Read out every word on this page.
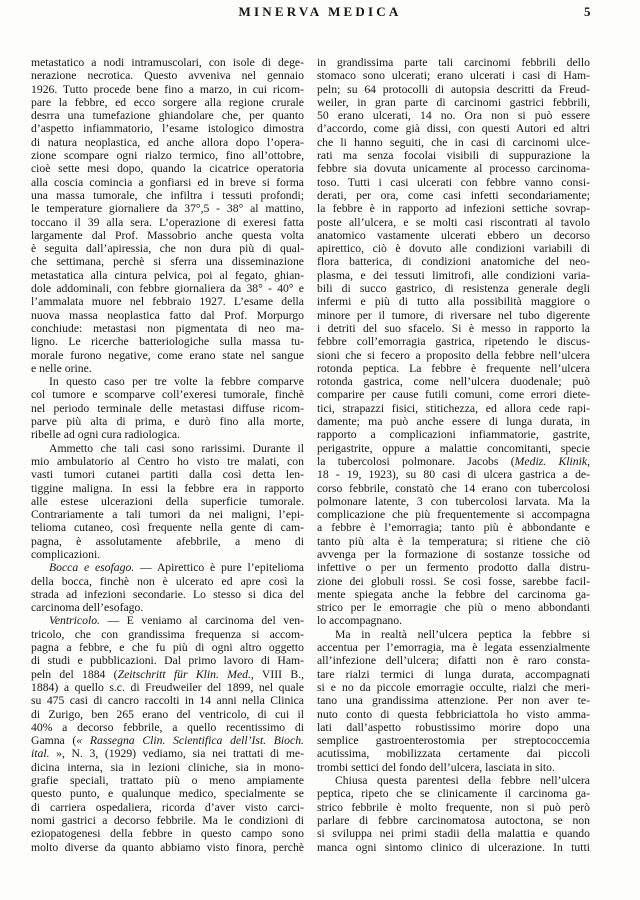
MINERVA MEDICA	5
metastatico a nodi intramuscolari, con isole di dege-
nerazione necrotica. Questo avveniva nel gennaio
1926. Tutto procede bene fino a marzo, in cui ricom-
pare la febbre, ed ecco sorgere alla regione crurale
desrra una tumefazione ghiandolare che, per quanto
d’aspetto infiammatorio, l’esame istologico dimostra
di natura neoplastica, ed anche allora dopo l’opera-
zione scompare ogni rialzo termico, fino all’ottobre,
cioè sette mesi dopo, quando la cicatrice operatoria
alla coscia comincia a gonfiarsi ed in breve si forma
una massa tumorale, che infiltra i tessuti profondi;
le temperature giornaliere da 37°,5 - 38° al mattino,
toccano il 39 alla sera. L’operazione di exeresi fatta
largamente dal Prof. Massobrio anche questa volta
è seguita dall’apiressia, che non dura più di qual-
che settimana, perchè si sferra una disseminazione
metastatica alla cintura pelvica, poi al fegato, ghian-
dole addominali, con febbre giornaliera da 38° - 40° e
l’ammalata muore nel febbraio 1927. L’esame della
nuova massa neoplastica fatto dal Prof. Morpurgo
conchiude: metastasi non pigmentata di neo ma-
ligno. Le ricerche batteriologiche sulla massa tu-
morale furono negative, come erano state nel sangue
e nelle orine.
In questo caso per tre volte la febbre comparve
col tumore e scomparve coll’exeresi tumorale, finchè
nel periodo terminale delle metastasi diffuse ricom-
parve più alta di prima, e durò fino alla morte,
ribelle ad ogni cura radiologica.
Ammetto che tali casi sono rarissimi. Durante il
mio ambulatorio al Centro ho visto tre malati, con
vasti tumori cutanei partiti dalla così detta len-
tiggine maligna. In essi la febbre era in rapporto
alle estese ulcerazioni della superficie tumorale.
Contrariamente a tali tumori da nei maligni, l’epi-
telioma cutaneo, così frequente nella gente di cam-
pagna, è assolutamente afebbrile, a meno di
complicazioni.
Bocca e esofago. — Apirettico è pure l’epitelioma
della bocca, finchè non è ulcerato ed apre così la
strada ad infezioni secondarie. Lo stesso si dica del
carcinoma dell’esofago.
Ventricolo. — E veniamo al carcinoma del ven-
tricolo, che con grandissima frequenza si accom-
pagna a febbre, e che fu più di ogni altro oggetto
di studi e pubblicazioni. Dal primo lavoro di Ham-
peln del 1884 (Zeitschritt für Klin. Med., VIII B.,
1884) a quello s.c. di Freudweiler del 1899, nel quale
su 475 casi di cancro raccolti in 14 anni nella Clinica
di Zurigo, ben 265 erano del ventricolo, di cui il
40% a decorso febbrile, a quello recentissimo di
Gamna (« Rassegna Clin. Scientifica dell’Ist. Bioch.
ital. », N. 3, (1929) vediamo, sia nei trattati di me-
dicina interna, sia in lezioni cliniche, sia in mono-
grafie speciali, trattato più o meno ampiamente
questo punto, e qualunque medico, specialmente se
di carriera ospedaliera, ricorda d’aver visto carci-
nomi gastrici a decorso febbrile. Ma le condizioni di
eziopatogenesi della febbre in questo campo sono
molto diverse da quanto abbiamo visto finora, perchè
in grandissima parte tali carcinomi febbrili dello
stomaco sono ulcerati; erano ulcerati i casi di Ham-
peln; su 64 protocolli di autopsia descritti da Freud-
weiler, in gran parte di carcinomi gastrici febbrili,
50 erano ulcerati, 14 no. Ora non si può essere
d’accordo, come già dissi, con questi Autori ed altri
che li hanno seguiti, che in casi di carcinomi ulce-
rati ma senza focolai visibili di suppurazione la
febbre sia dovuta unicamente al processo carcinoma-
toso. Tutti i casi ulcerati con febbre vanno consi-
derati, per ora, come casi infetti secondariamente;
la febbre è in rapporto ad infezioni settiche sovrap-
poste all’ulcera, e se molti casi riscontrati al tavolo
anatomico vastamente ulcerati ebbero un decorso
apirettico, ciò è dovuto alle condizioni variabili di
flora batterica, di condizioni anatomiche del neo-
plasma, e dei tessuti limitrofi, alle condizioni varia-
bili di succo gastrico, di resistenza generale degli
infermi e più di tutto alla possibilità maggiore o
minore per il tumore, di riversare nel tubo digerente
i detriti del suo sfacelo. Si è messo in rapporto la
febbre coll’emorragia gastrica, ripetendo le discus-
sioni che si fecero a proposito della febbre nell’ulcera
rotonda peptica. La febbre è frequente nell’ulcera
rotonda gastrica, come nell’ulcera duodenale; può
comparire per cause futili comuni, come errori diete-
tici, strapazzi fisici, stitichezza, ed allora cede rapi-
damente; ma può anche essere di lunga durata, in
rapporto a complicazioni infiammatorie, gastrite,
perigastrite, oppure a malattie concomitanti, specie
la tubercolosi polmonare. Jacobs (Mediz. Klinik,
18 - 19, 1923), su 80 casi di ulcera gastrica a de-
corso febbrile, constatò che 14 erano con tubercolosi
polmonare latente, 3 con tubercolosi larvata. Ma la
complicazione che più frequentemente si accompagna
a febbre è l’emorragia; tanto più è abbondante e
tanto più alta è la temperatura; si ritiene che ciò
avvenga per la formazione di sostanze tossiche od
infettive o per un fermento prodotto dalla distru-
zione dei globuli rossi. Se così fosse, sarebbe facil-
mente spiegata anche la febbre del carcinoma ga-
strico per le emorragie che più o meno abbondanti
lo accompagnano.
Ma in realtà nell’ulcera peptica la febbre si
accentua per l’emorragia, ma è legata essenzialmente
all’infezione dell’ulcera; difatti non è raro consta-
tare rialzi termici di lunga durata, accompagnati
si e no da piccole emorragie occulte, rialzi che meri-
tano una grandissima attenzione. Per non aver te-
nuto conto di questa febbriciattola ho visto amma-
lati dall’aspetto robustissimo morire dopo una
semplice gastroenterostomia per streptococcemia
acutissima, mobilizzata certamente dai piccoli
trombi settici del fondo dell’ulcera, lasciata in sito.
Chiusa questa parentesi della febbre nell’ulcera
peptica, ripeto che se clinicamente il carcinoma ga-
strico febbrile è molto frequente, non si può però
parlare di febbre carcinomatosa autoctona, se non
si sviluppa nei primi stadii della malattia e quando
manca ogni sintomo clinico di ulcerazione. In tutti
